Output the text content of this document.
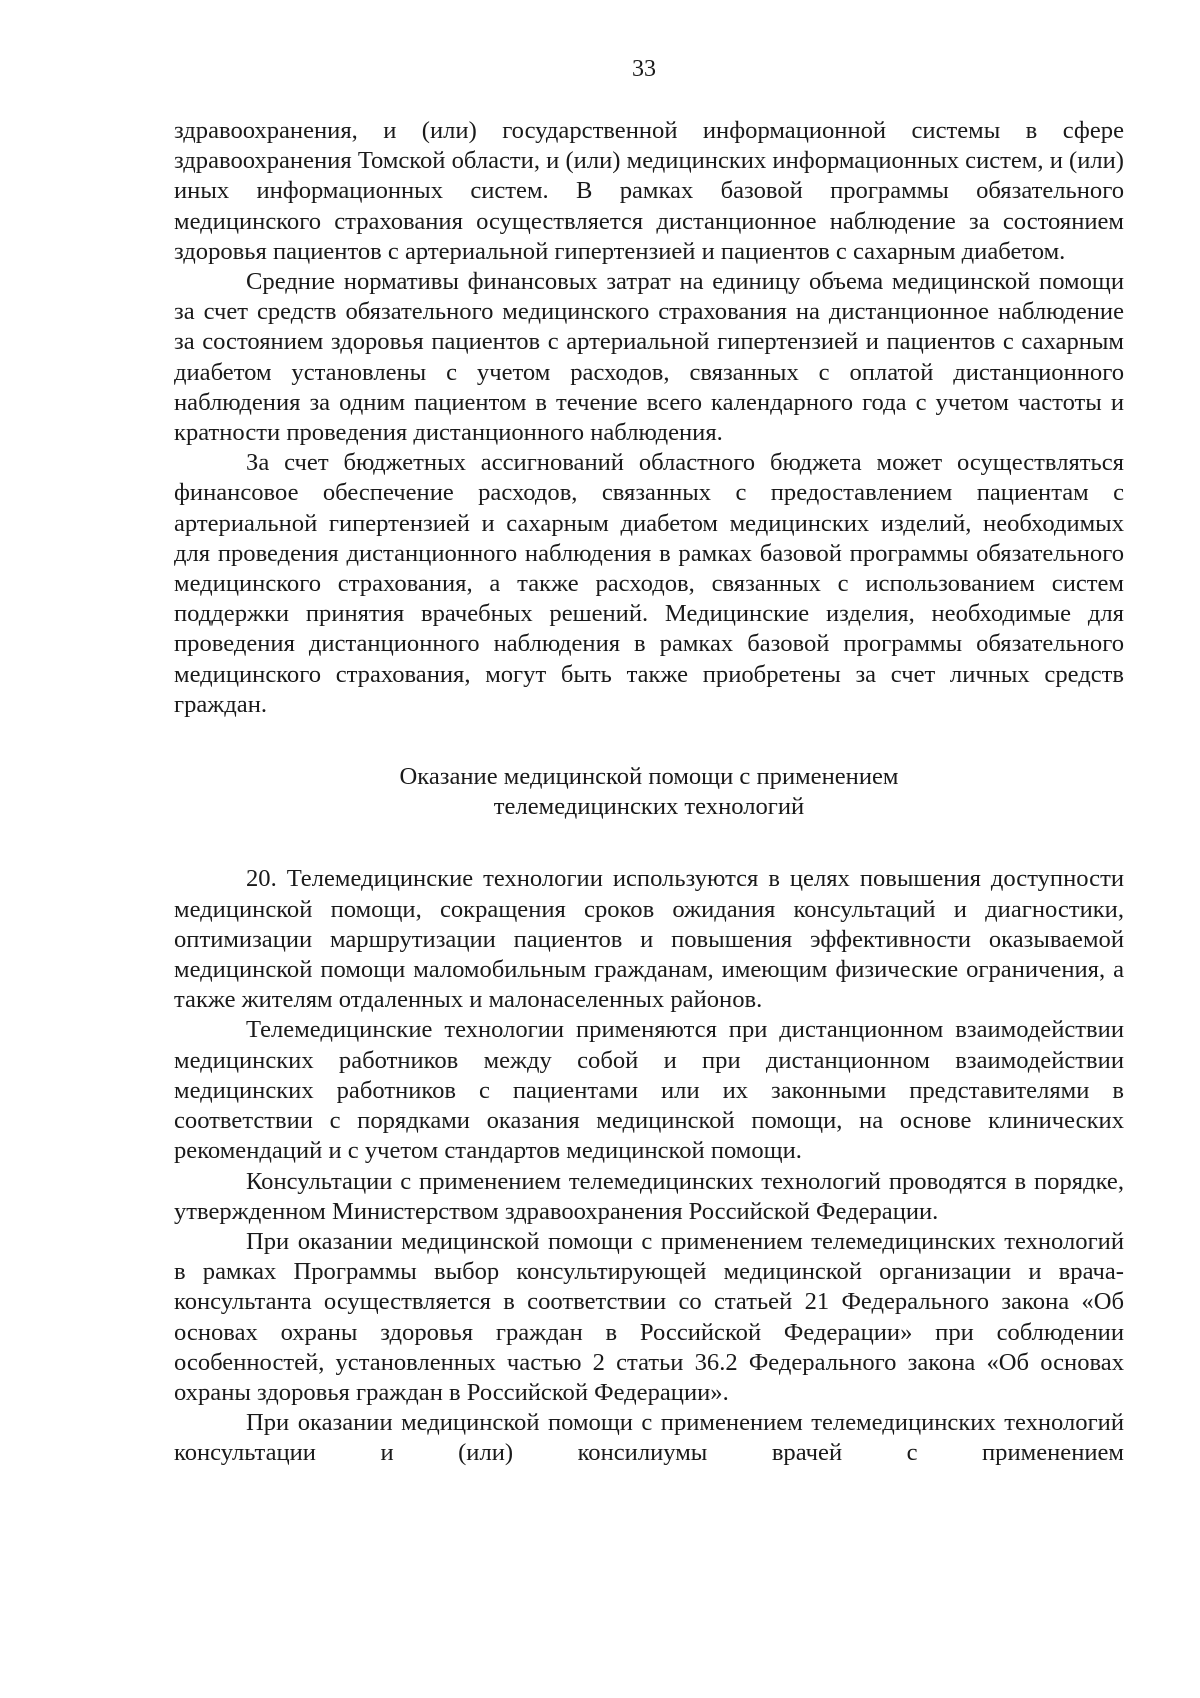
33

здравоохранения, и (или) государственной информационной системы в сфере здравоохранения Томской области, и (или) медицинских информационных систем, и (или) иных информационных систем. В рамках базовой программы обязательного медицинского страхования осуществляется дистанционное наблюдение за состоянием здоровья пациентов с артериальной гипертензией и пациентов с сахарным диабетом.

Средние нормативы финансовых затрат на единицу объема медицинской помощи за счет средств обязательного медицинского страхования на дистанционное наблюдение за состоянием здоровья пациентов с артериальной гипертензией и пациентов с сахарным диабетом установлены с учетом расходов, связанных с оплатой дистанционного наблюдения за одним пациентом в течение всего календарного года с учетом частоты и кратности проведения дистанционного наблюдения.

За счет бюджетных ассигнований областного бюджета может осуществляться финансовое обеспечение расходов, связанных с предоставлением пациентам с артериальной гипертензией и сахарным диабетом медицинских изделий, необходимых для проведения дистанционного наблюдения в рамках базовой программы обязательного медицинского страхования, а также расходов, связанных с использованием систем поддержки принятия врачебных решений. Медицинские изделия, необходимые для проведения дистанционного наблюдения в рамках базовой программы обязательного медицинского страхования, могут быть также приобретены за счет личных средств граждан.

Оказание медицинской помощи с применением
телемедицинских технологий

20. Телемедицинские технологии используются в целях повышения доступности медицинской помощи, сокращения сроков ожидания консультаций и диагностики, оптимизации маршрутизации пациентов и повышения эффективности оказываемой медицинской помощи маломобильным гражданам, имеющим физические ограничения, а также жителям отдаленных и малонаселенных районов.

Телемедицинские технологии применяются при дистанционном взаимодействии медицинских работников между собой и при дистанционном взаимодействии медицинских работников с пациентами или их законными представителями в соответствии с порядками оказания медицинской помощи, на основе клинических рекомендаций и с учетом стандартов медицинской помощи.

Консультации с применением телемедицинских технологий проводятся в порядке, утвержденном Министерством здравоохранения Российской Федерации.

При оказании медицинской помощи с применением телемедицинских технологий в рамках Программы выбор консультирующей медицинской организации и врача-консультанта осуществляется в соответствии со статьей 21 Федерального закона «Об основах охраны здоровья граждан в Российской Федерации» при соблюдении особенностей, установленных частью 2 статьи 36.2 Федерального закона «Об основах охраны здоровья граждан в Российской Федерации».

При оказании медицинской помощи с применением телемедицинских технологий консультации и (или) консилиумы врачей с применением
